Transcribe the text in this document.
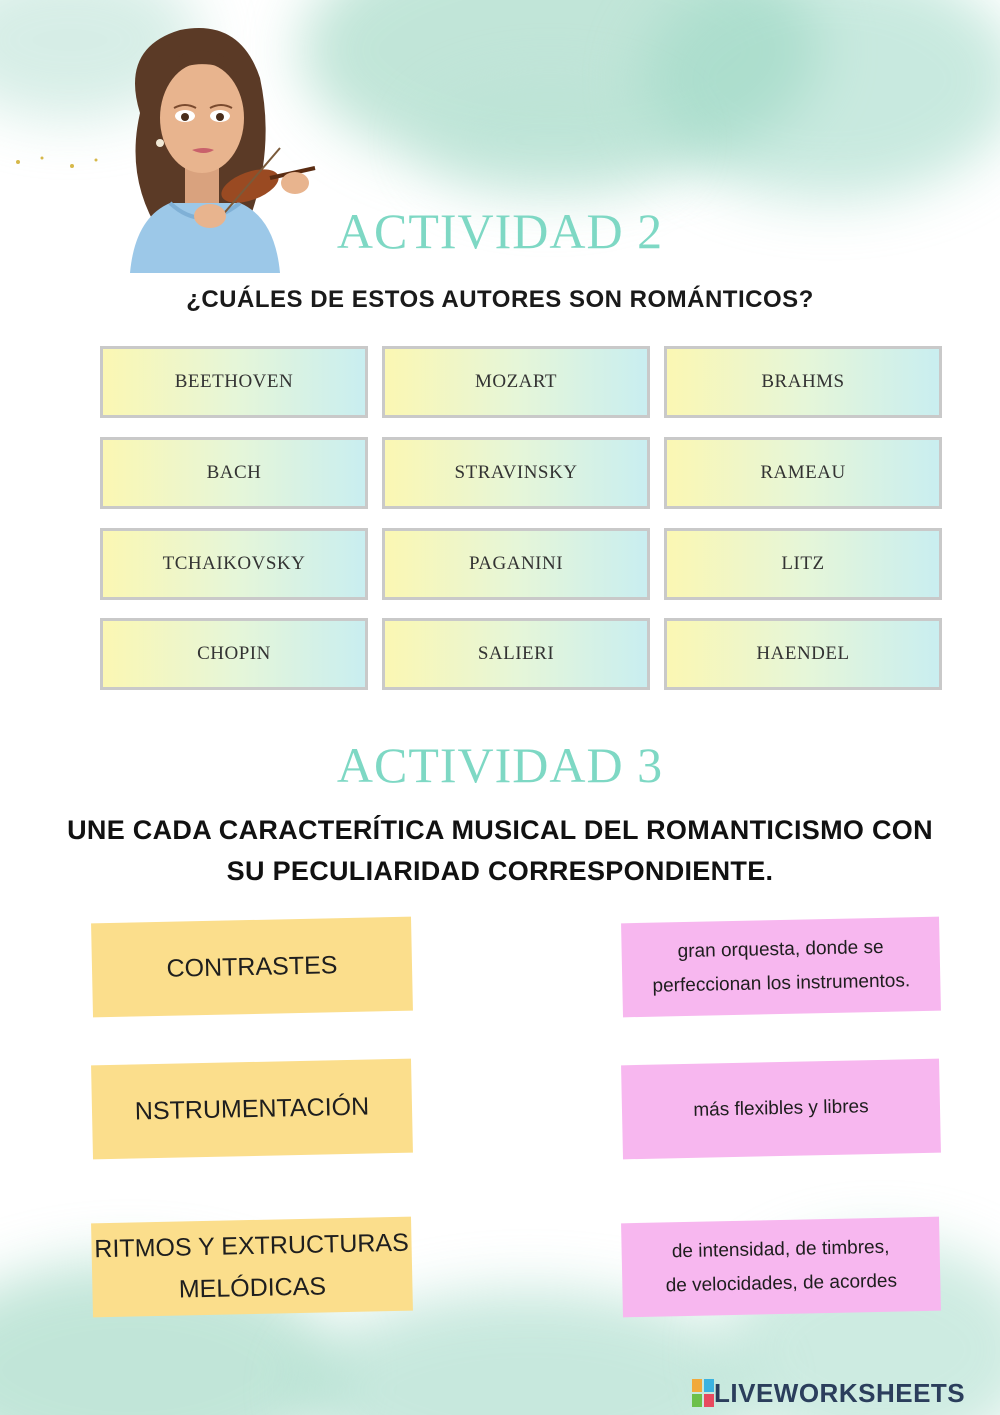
ACTIVIDAD 2
¿CUÁLES DE ESTOS AUTORES SON ROMÁNTICOS?
BEETHOVEN	MOZART	BRAHMS
BACH	STRAVINSKY	RAMEAU
TCHAIKOVSKY	PAGANINI	LITZ
CHOPIN	SALIERI	HAENDEL
ACTIVIDAD 3
UNE CADA CARACTERÍTICA MUSICAL DEL ROMANTICISMO CON
SU PECULIARIDAD CORRESPONDIENTE.
CONTRASTES
NSTRUMENTACIÓN
RITMOS Y EXTRUCTURAS
MELÓDICAS
gran orquesta, donde se
perfeccionan los instrumentos.
más flexibles y libres
de intensidad, de timbres,
de velocidades, de acordes
LIVEWORKSHEETS
